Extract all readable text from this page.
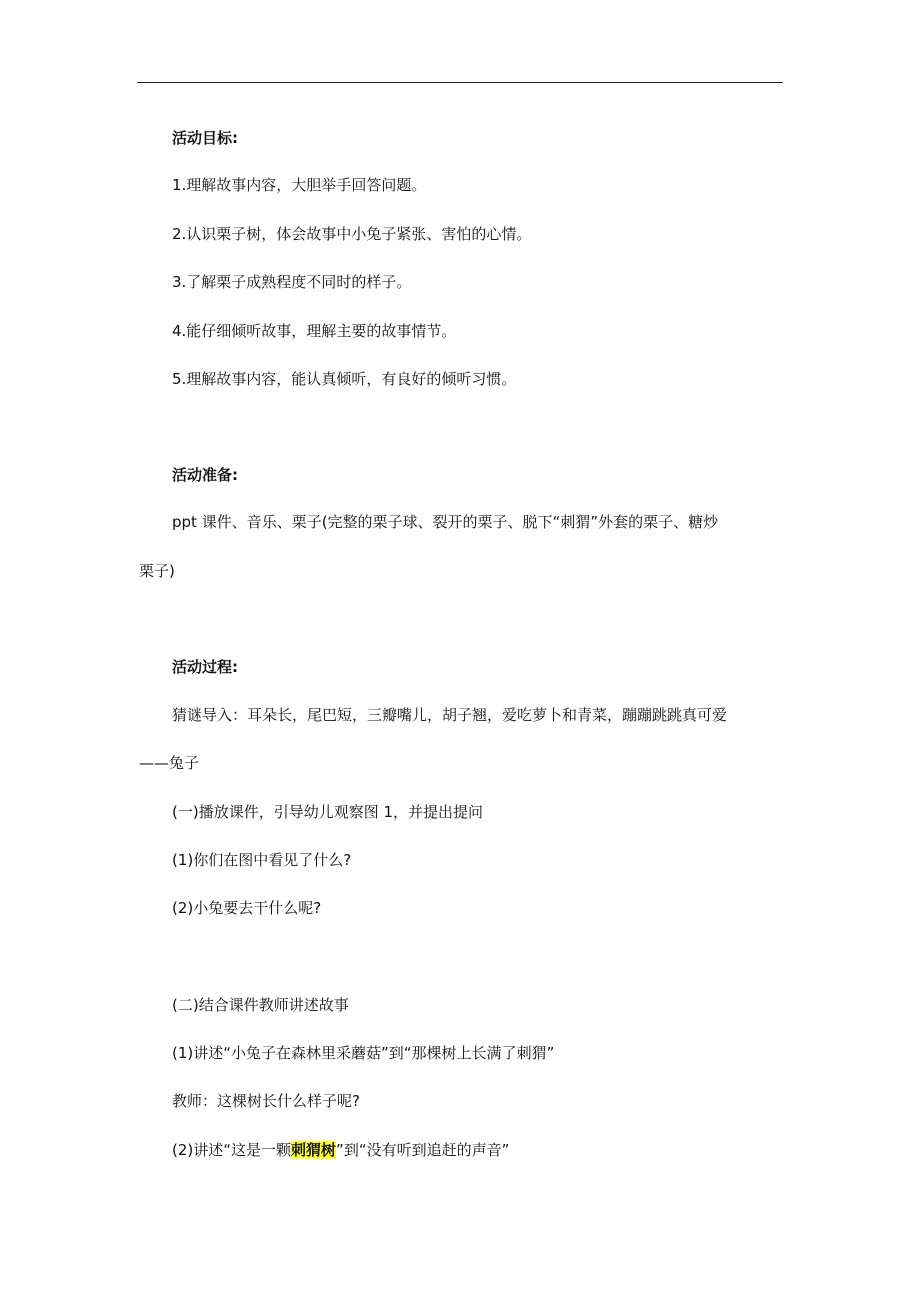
活动目标:
1.理解故事内容，大胆举手回答问题。
2.认识栗子树，体会故事中小兔子紧张、害怕的心情。
3.了解栗子成熟程度不同时的样子。
4.能仔细倾听故事，理解主要的故事情节。
5.理解故事内容，能认真倾听，有良好的倾听习惯。
活动准备:
ppt 课件、音乐、栗子(完整的栗子球、裂开的栗子、脱下“刺猬”外套的栗子、糖炒
栗子)
活动过程:
猜谜导入：耳朵长，尾巴短，三瓣嘴儿，胡子翘，爱吃萝卜和青菜，蹦蹦跳跳真可爱
——兔子
(一)播放课件，引导幼儿观察图 1，并提出提问
(1)你们在图中看见了什么?
(2)小兔要去干什么呢?
(二)结合课件教师讲述故事
(1)讲述“小兔子在森林里采蘑菇”到“那棵树上长满了刺猬”
教师：这棵树长什么样子呢?
(2)讲述“这是一颗刺猬树”到“没有听到追赶的声音”
